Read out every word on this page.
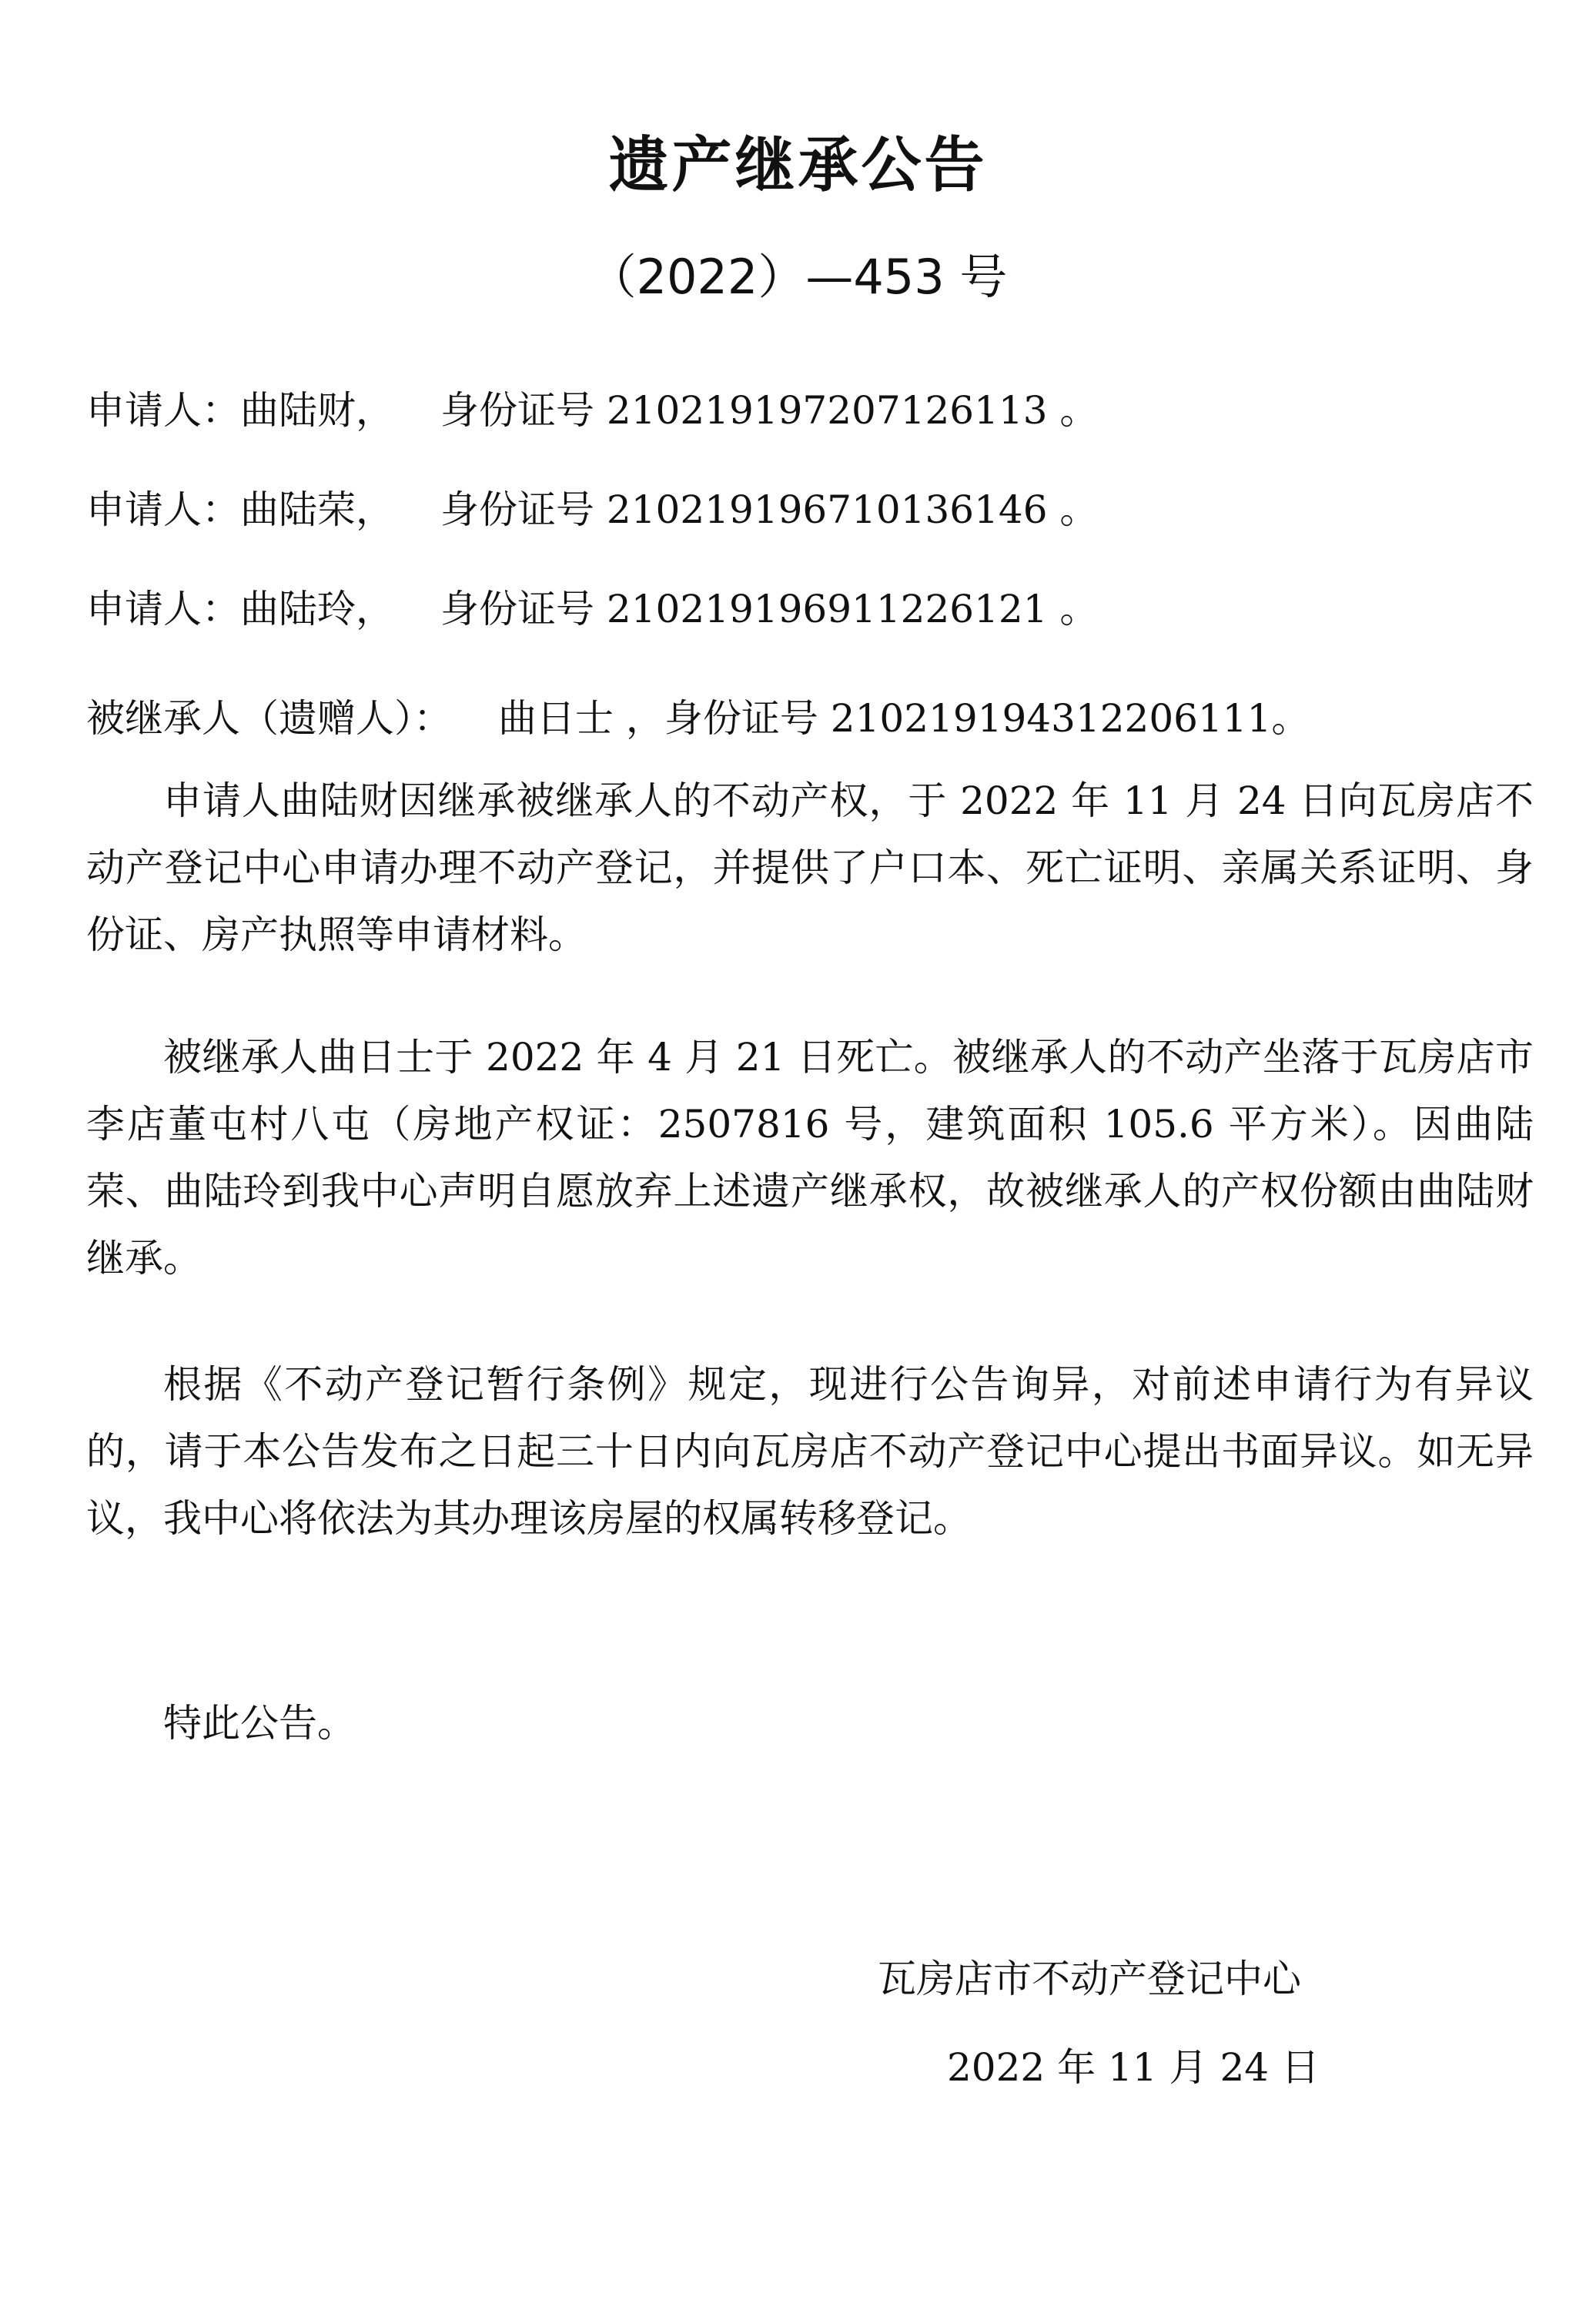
遗产继承公告
（2022）—453 号
申请人：曲陆财， 身份证号 210219197207126113 。
申请人：曲陆荣， 身份证号 210219196710136146 。
申请人：曲陆玲， 身份证号 210219196911226121 。
被继承人（遗赠人）： 曲日士 ，身份证号 210219194312206111。

申请人曲陆财因继承被继承人的不动产权，于 2022 年 11 月 24 日向瓦房店不动产登记中心申请办理不动产登记，并提供了户口本、死亡证明、亲属关系证明、身份证、房产执照等申请材料。

被继承人曲日士于 2022 年 4 月 21 日死亡。被继承人的不动产坐落于瓦房店市李店董屯村八屯（房地产权证：2507816 号，建筑面积 105.6 平方米）。因曲陆荣、曲陆玲到我中心声明自愿放弃上述遗产继承权，故被继承人的产权份额由曲陆财继承。

根据《不动产登记暂行条例》规定，现进行公告询异，对前述申请行为有异议的，请于本公告发布之日起三十日内向瓦房店不动产登记中心提出书面异议。如无异议，我中心将依法为其办理该房屋的权属转移登记。

特此公告。

瓦房店市不动产登记中心
2022 年 11 月 24 日
